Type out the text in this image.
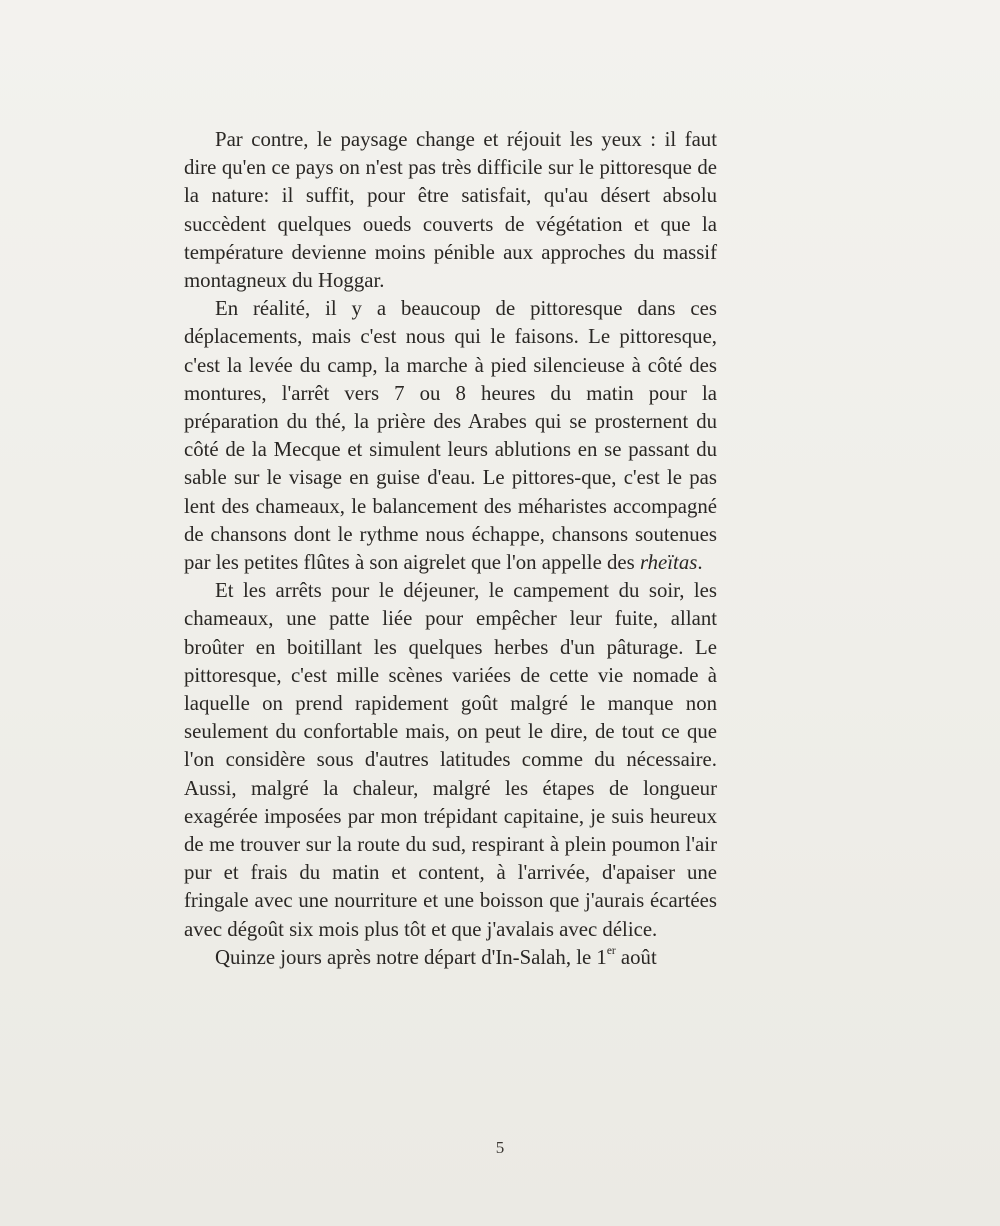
Par contre, le paysage change et réjouit les yeux : il faut dire qu'en ce pays on n'est pas très difficile sur le pittoresque de la nature: il suffit, pour être satisfait, qu'au désert absolu succèdent quelques oueds couverts de végétation et que la température devienne moins pénible aux approches du massif montagneux du Hoggar.

En réalité, il y a beaucoup de pittoresque dans ces déplacements, mais c'est nous qui le faisons. Le pittoresque, c'est la levée du camp, la marche à pied silencieuse à côté des montures, l'arrêt vers 7 ou 8 heures du matin pour la préparation du thé, la prière des Arabes qui se prosternent du côté de la Mecque et simulent leurs ablutions en se passant du sable sur le visage en guise d'eau. Le pittores-que, c'est le pas lent des chameaux, le balancement des méharistes accompagné de chansons dont le rythme nous échappe, chansons soutenues par les petites flûtes à son aigrelet que l'on appelle des rheïtas.

Et les arrêts pour le déjeuner, le campement du soir, les chameaux, une patte liée pour empêcher leur fuite, allant broûter en boitillant les quelques herbes d'un pâturage. Le pittoresque, c'est mille scènes variées de cette vie nomade à laquelle on prend rapidement goût malgré le manque non seulement du confortable mais, on peut le dire, de tout ce que l'on considère sous d'autres latitudes comme du nécessaire. Aussi, malgré la chaleur, malgré les étapes de longueur exagérée imposées par mon trépidant capitaine, je suis heureux de me trouver sur la route du sud, respirant à plein poumon l'air pur et frais du matin et content, à l'arrivée, d'apaiser une fringale avec une nourriture et une boisson que j'aurais écartées avec dégoût six mois plus tôt et que j'avalais avec délice.

Quinze jours après notre départ d'In-Salah, le 1er août

5
